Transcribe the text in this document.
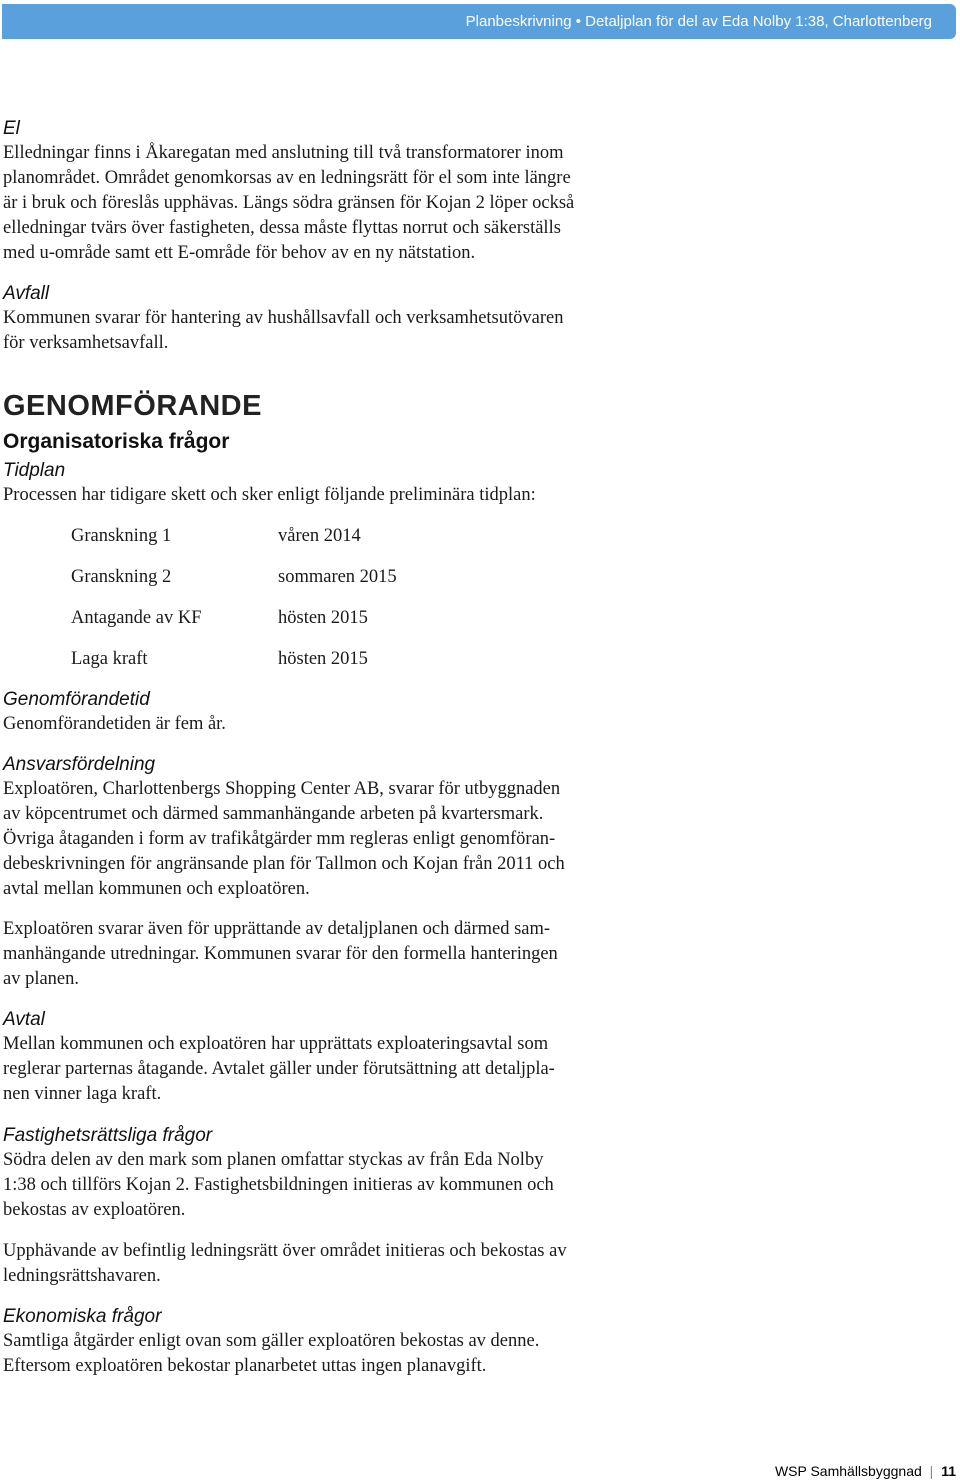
Planbeskrivning • Detaljplan för del av Eda Nolby 1:38, Charlottenberg

El

Elledningar finns i Åkaregatan med anslutning till två transformatorer inom

planområdet. Området genomkorsas av en ledningsrätt för el som inte längre

är i bruk och föreslås upphävas. Längs södra gränsen för Kojan 2 löper också

elledningar tvärs över fastigheten, dessa måste flyttas norrut och säkerställs

med u-område samt ett E-område för behov av en ny nätstation.

Avfall

Kommunen svarar för hantering av hushållsavfall och verksamhetsutövaren

för verksamhetsavfall.

GENOMFÖRANDE
Organisatoriska frågor

Tidplan

Processen har tidigare skett och sker enligt följande preliminära tidplan:

Granskning 1	våren 2014
Granskning 2	sommaren 2015
Antagande av KF	hösten 2015
Laga kraft	hösten 2015

Genomförandetid

Genomförandetiden är fem år.

Ansvarsfördelning

Exploatören, Charlottenbergs Shopping Center AB, svarar för utbyggnaden

av köpcentrumet och därmed sammanhängande arbeten på kvartersmark.

Övriga åtaganden i form av trafikåtgärder mm regleras enligt genomföran-

debeskrivningen för angränsande plan för Tallmon och Kojan från 2011 och

avtal mellan kommunen och exploatören.

Exploatören svarar även för upprättande av detaljplanen och därmed sam-

manhängande utredningar. Kommunen svarar för den formella hanteringen

av planen.

Avtal

Mellan kommunen och exploatören har upprättats exploateringsavtal som

reglerar parternas åtagande. Avtalet gäller under förutsättning att detaljpla-

nen vinner laga kraft.

Fastighetsrättsliga frågor

Södra delen av den mark som planen omfattar styckas av från Eda Nolby

1:38 och tillförs Kojan 2. Fastighetsbildningen initieras av kommunen och

bekostas av exploatören.

Upphävande av befintlig ledningsrätt över området initieras och bekostas av

ledningsrättshavaren.

Ekonomiska frågor

Samtliga åtgärder enligt ovan som gäller exploatören bekostas av denne.

Eftersom exploatören bekostar planarbetet uttas ingen planavgift.

WSP Samhällsbyggnad | 11
